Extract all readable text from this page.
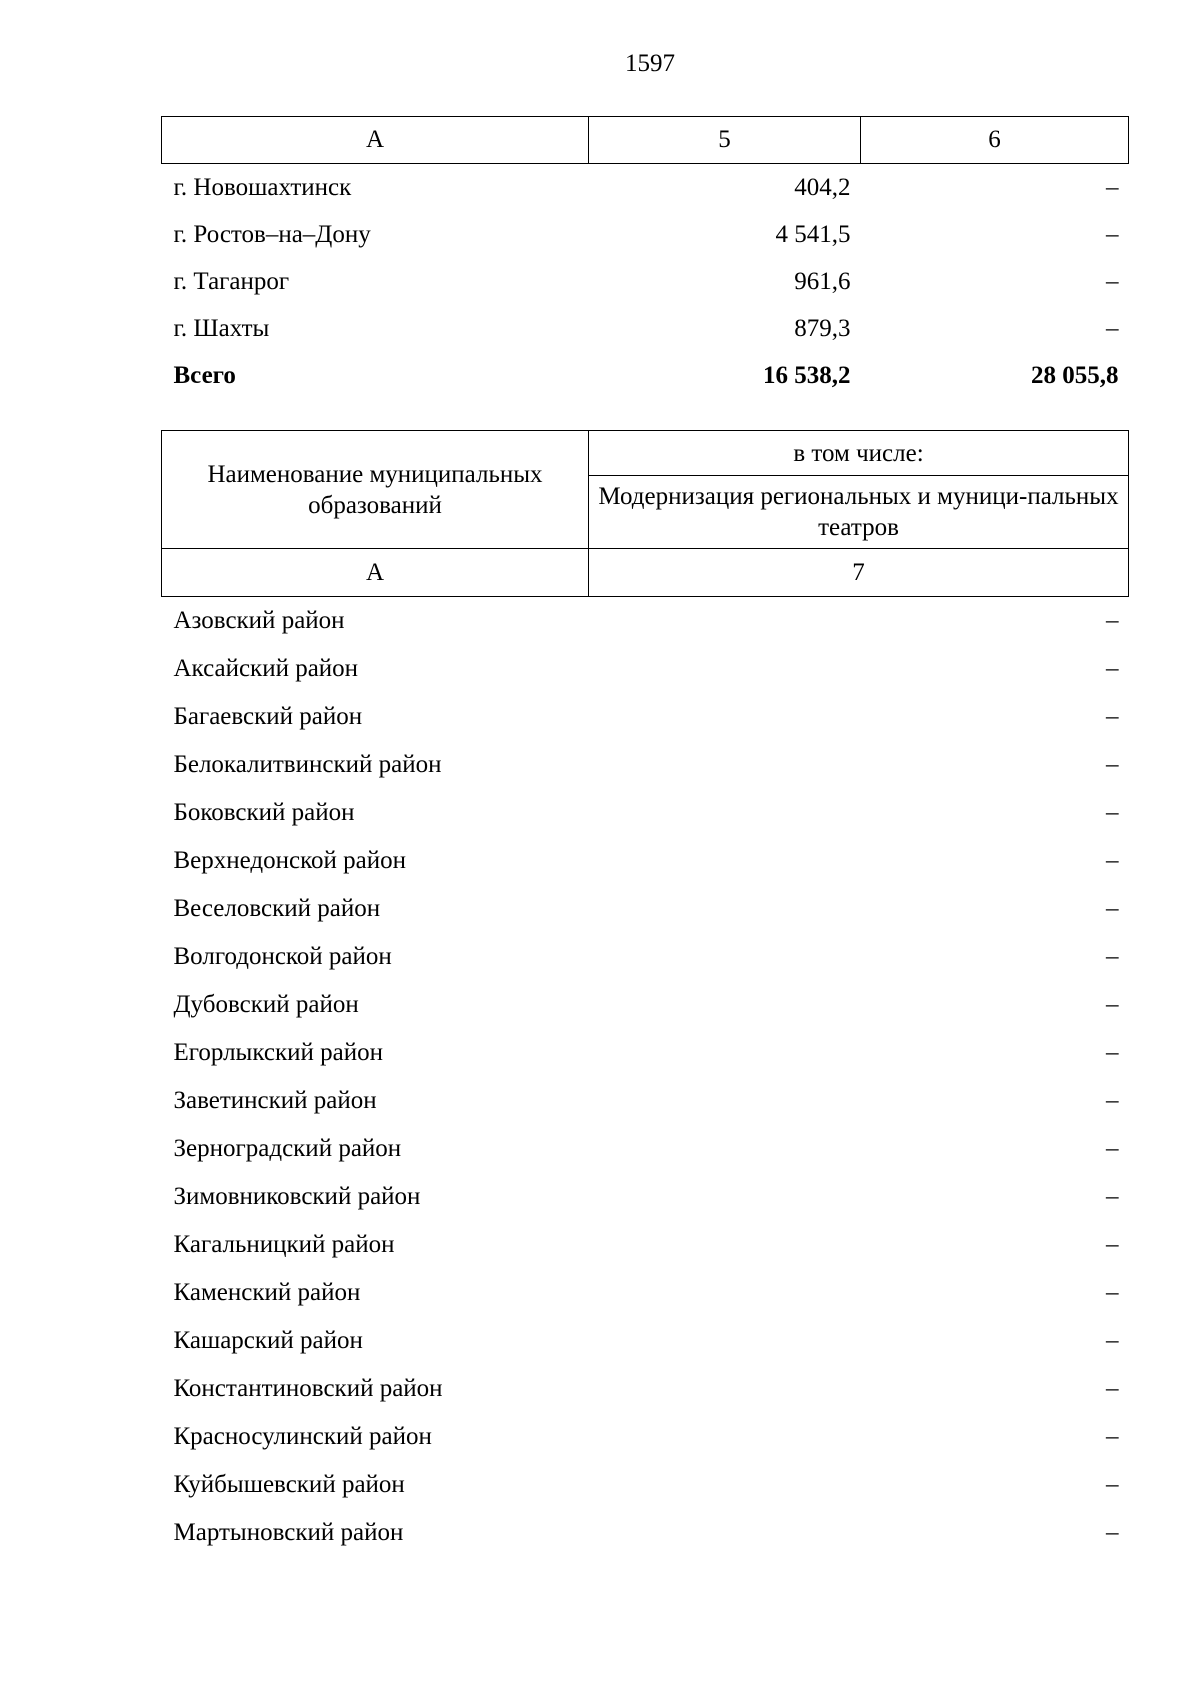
1597
А	5	6
г. Новошахтинск	404,2	–
г. Ростов–на–Дону	4 541,5	–
г. Таганрог	961,6	–
г. Шахты	879,3	–
Всего	16 538,2	28 055,8
Наименование муниципальных образований	в том числе:
	Модернизация региональных и муници-пальных театров
А	7
Азовский район	–
Аксайский район	–
Багаевский район	–
Белокалитвинский район	–
Боковский район	–
Верхнедонской район	–
Веселовский район	–
Волгодонской район	–
Дубовский район	–
Егорлыкский район	–
Заветинский район	–
Зерноградский район	–
Зимовниковский район	–
Кагальницкий район	–
Каменский район	–
Кашарский район	–
Константиновский район	–
Красносулинский район	–
Куйбышевский район	–
Мартыновский район	–
